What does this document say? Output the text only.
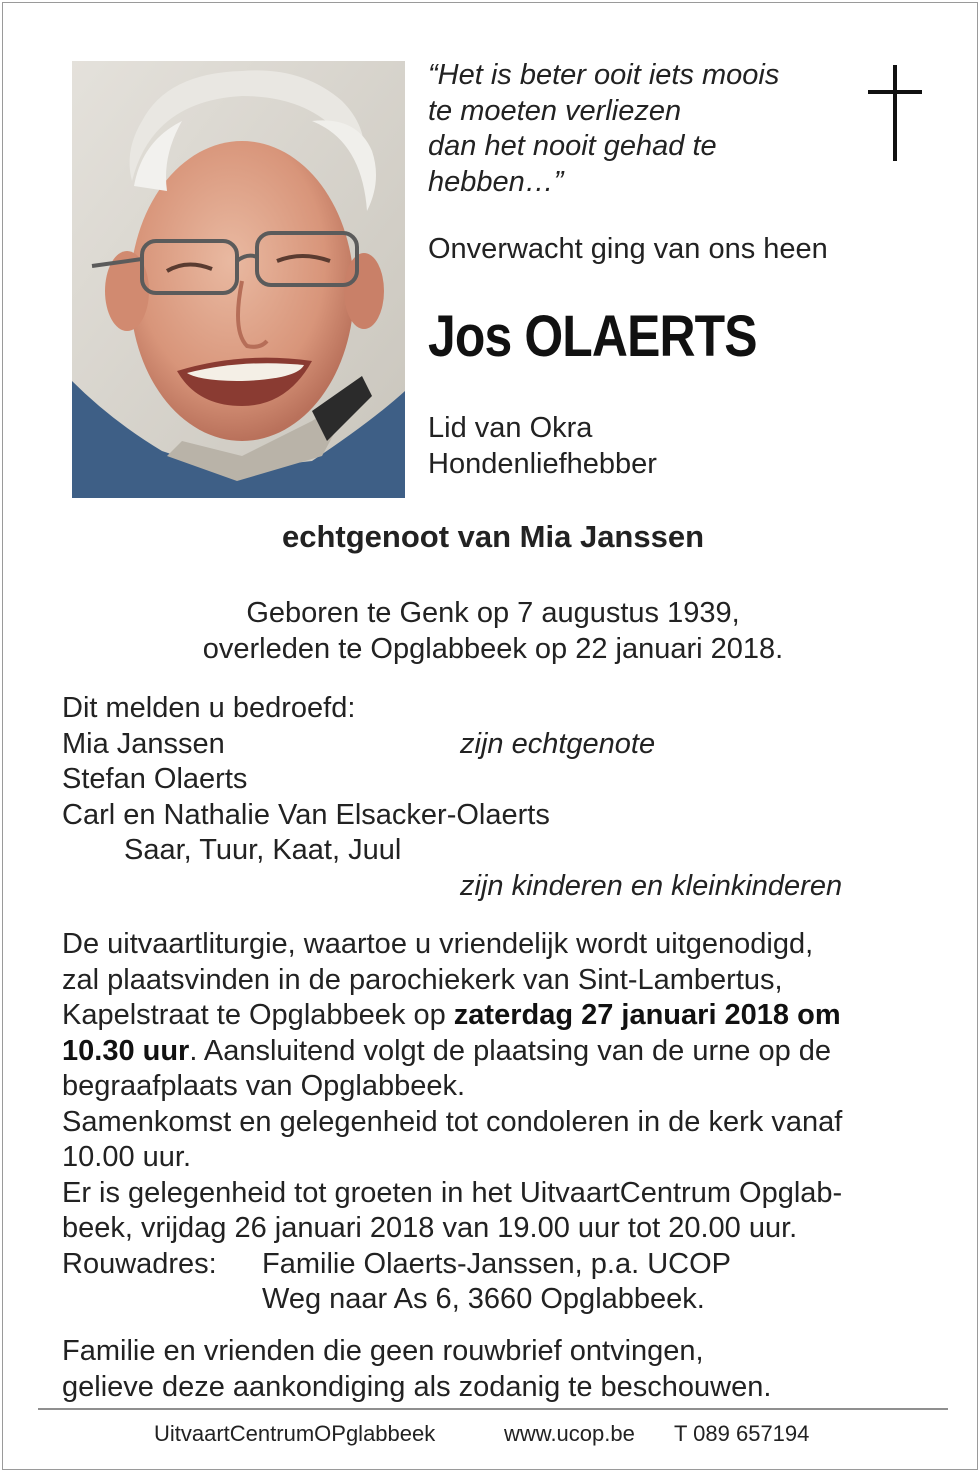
“Het is beter ooit iets moois
te moeten verliezen
dan het nooit gehad te
hebben…”
Onverwacht ging van ons heen
Jos OLAERTS
Lid van Okra
Hondenliefhebber
echtgenoot van Mia Janssen
Geboren te Genk op 7 augustus 1939,
overleden te Opglabbeek op 22 januari 2018.
Dit melden u bedroefd:
Mia Janssen	zijn echtgenote
Stefan Olaerts
Carl en Nathalie Van Elsacker-Olaerts
Saar, Tuur, Kaat, Juul
zijn kinderen en kleinkinderen
De uitvaartliturgie, waartoe u vriendelijk wordt uitgenodigd,
zal plaatsvinden in de parochiekerk van Sint-Lambertus,
Kapelstraat te Opglabbeek op zaterdag 27 januari 2018 om
10.30 uur. Aansluitend volgt de plaatsing van de urne op de
begraafplaats van Opglabbeek.
Samenkomst en gelegenheid tot condoleren in de kerk vanaf
10.00 uur.
Er is gelegenheid tot groeten in het UitvaartCentrum Opglab-
beek, vrijdag 26 januari 2018 van 19.00 uur tot 20.00 uur.
Rouwadres: Familie Olaerts-Janssen, p.a. UCOP
Weg naar As 6, 3660 Opglabbeek.
Familie en vrienden die geen rouwbrief ontvingen,
gelieve deze aankondiging als zodanig te beschouwen.
UitvaartCentrumOPglabbeek	www.ucop.be T 089 657194
